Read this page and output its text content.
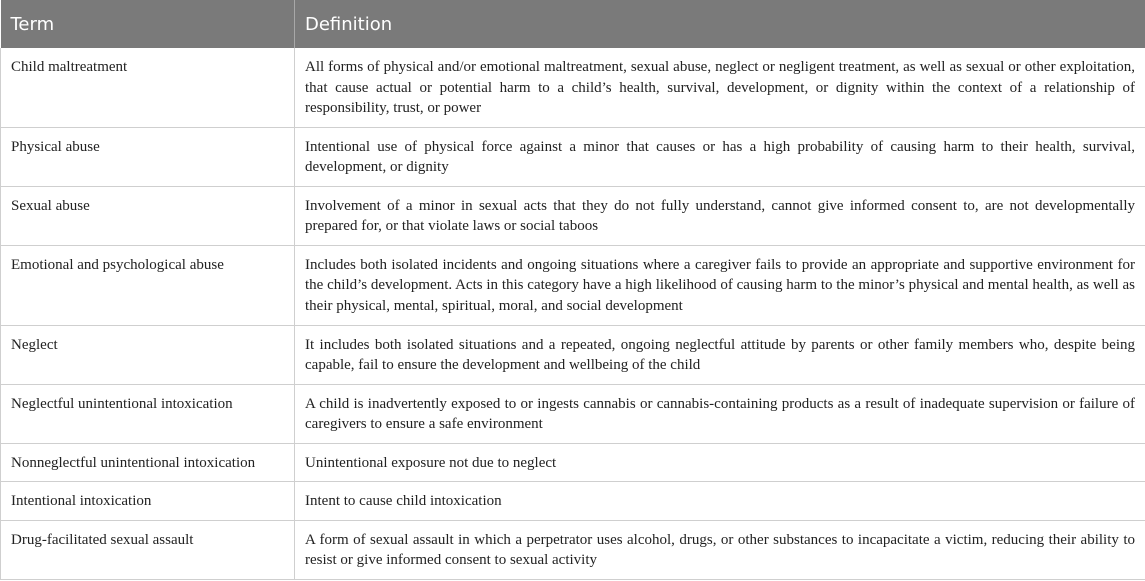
Term	Definition
Child maltreatment	All forms of physical and/or emotional maltreatment, sexual abuse, neglect or negligent treatment, as well as sexual or other exploitation, that cause actual or potential harm to a child’s health, survival, development, or dignity within the context of a relationship of responsibility, trust, or power
Physical abuse	Intentional use of physical force against a minor that causes or has a high probability of causing harm to their health, survival, development, or dignity
Sexual abuse	Involvement of a minor in sexual acts that they do not fully understand, cannot give informed consent to, are not developmentally prepared for, or that violate laws or social taboos
Emotional and psychological abuse	Includes both isolated incidents and ongoing situations where a caregiver fails to provide an appropriate and supportive environment for the child’s development. Acts in this category have a high likelihood of causing harm to the minor’s physical and mental health, as well as their physical, mental, spiritual, moral, and social development
Neglect	It includes both isolated situations and a repeated, ongoing neglectful attitude by parents or other family members who, despite being capable, fail to ensure the development and wellbeing of the child
Neglectful unintentional intoxication	A child is inadvertently exposed to or ingests cannabis or cannabis-containing products as a result of inadequate supervision or failure of caregivers to ensure a safe environment
Nonneglectful unintentional intoxication	Unintentional exposure not due to neglect
Intentional intoxication	Intent to cause child intoxication
Drug-facilitated sexual assault	A form of sexual assault in which a perpetrator uses alcohol, drugs, or other substances to incapacitate a victim, reducing their ability to resist or give informed consent to sexual activity
